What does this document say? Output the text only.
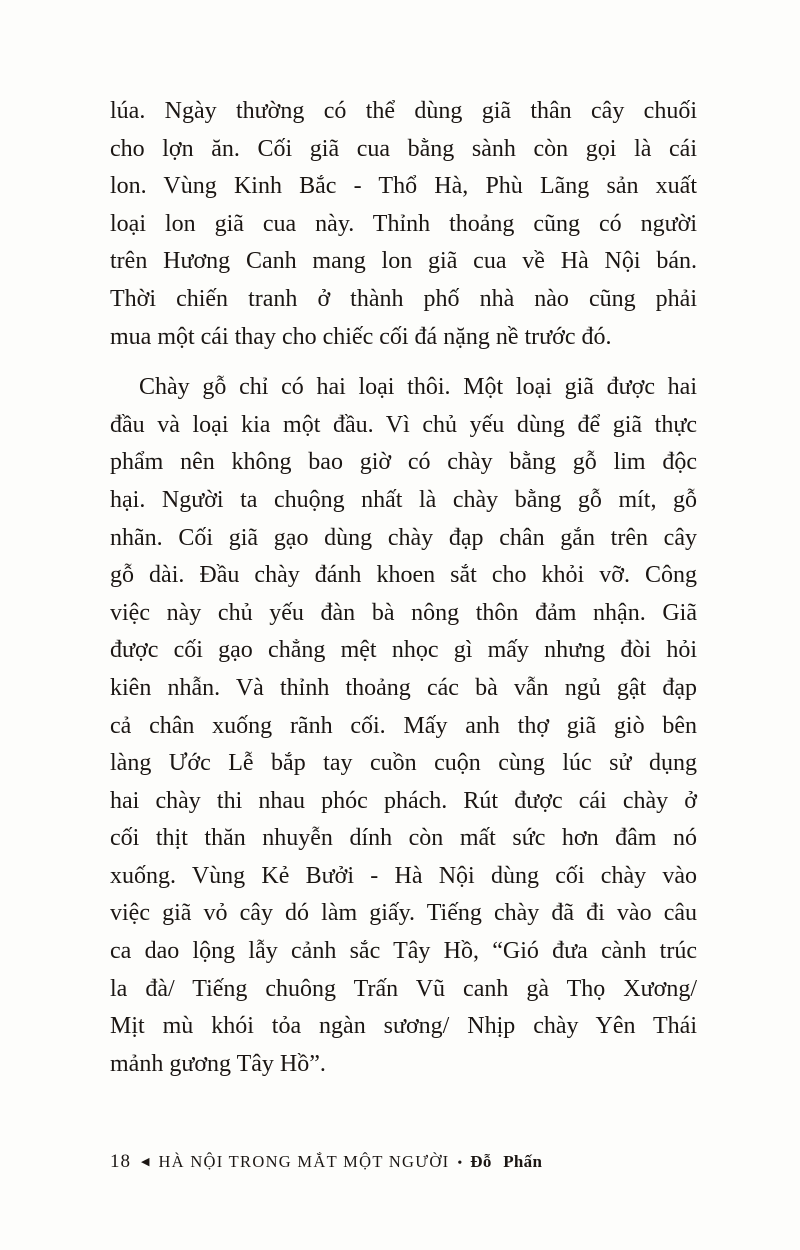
lúa. Ngày thường có thể dùng giã thân cây chuối
cho lợn ăn. Cối giã cua bằng sành còn gọi là cái
lon. Vùng Kinh Bắc - Thổ Hà, Phù Lãng sản xuất
loại lon giã cua này. Thỉnh thoảng cũng có người
trên Hương Canh mang lon giã cua về Hà Nội bán.
Thời chiến tranh ở thành phố nhà nào cũng phải
mua một cái thay cho chiếc cối đá nặng nề trước đó.
Chày gỗ chỉ có hai loại thôi. Một loại giã được hai
đầu và loại kia một đầu. Vì chủ yếu dùng để giã thực
phẩm nên không bao giờ có chày bằng gỗ lim độc
hại. Người ta chuộng nhất là chày bằng gỗ mít, gỗ
nhãn. Cối giã gạo dùng chày đạp chân gắn trên cây
gỗ dài. Đầu chày đánh khoen sắt cho khỏi vỡ. Công
việc này chủ yếu đàn bà nông thôn đảm nhận. Giã
được cối gạo chẳng mệt nhọc gì mấy nhưng đòi hỏi
kiên nhẫn. Và thỉnh thoảng các bà vẫn ngủ gật đạp
cả chân xuống rãnh cối. Mấy anh thợ giã giò bên
làng Ước Lễ bắp tay cuồn cuộn cùng lúc sử dụng
hai chày thi nhau phóc phách. Rút được cái chày ở
cối thịt thăn nhuyễn dính còn mất sức hơn đâm nó
xuống. Vùng Kẻ Bưởi - Hà Nội dùng cối chày vào
việc giã vỏ cây dó làm giấy. Tiếng chày đã đi vào câu
ca dao lộng lẫy cảnh sắc Tây Hồ, “Gió đưa cành trúc
la đà/ Tiếng chuông Trấn Vũ canh gà Thọ Xương/
Mịt mù khói tỏa ngàn sương/ Nhịp chày Yên Thái
mảnh gương Tây Hồ”.
18 ◀ HÀ NỘI TRONG MẮT MỘT NGƯỜI • Đỗ Phấn
